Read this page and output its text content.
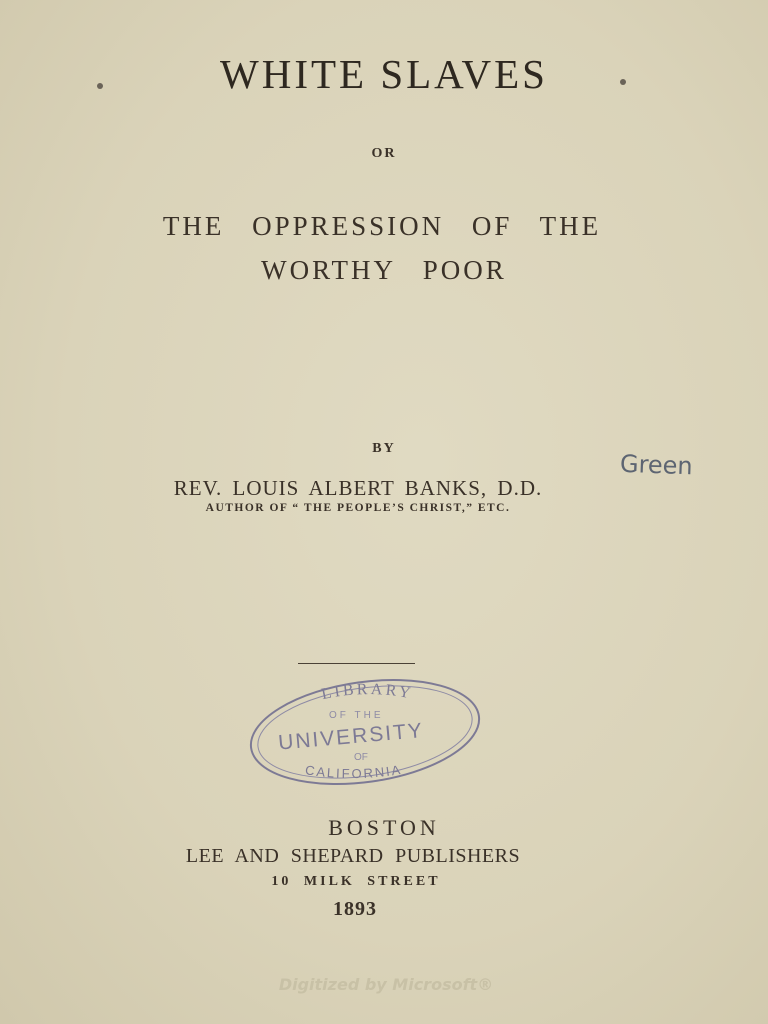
WHITE SLAVES
OR
THE OPPRESSION OF THE
WORTHY POOR
BY
REV. LOUIS ALBERT BANKS, D.D.
Green
AUTHOR OF “ THE PEOPLE’S CHRIST,” ETC.
LIBRARY
OF THE
UNIVERSITY
OF
CALIFORNIA
BOSTON
LEE AND SHEPARD PUBLISHERS
10 MILK STREET
1893
Digitized by Microsoft®
